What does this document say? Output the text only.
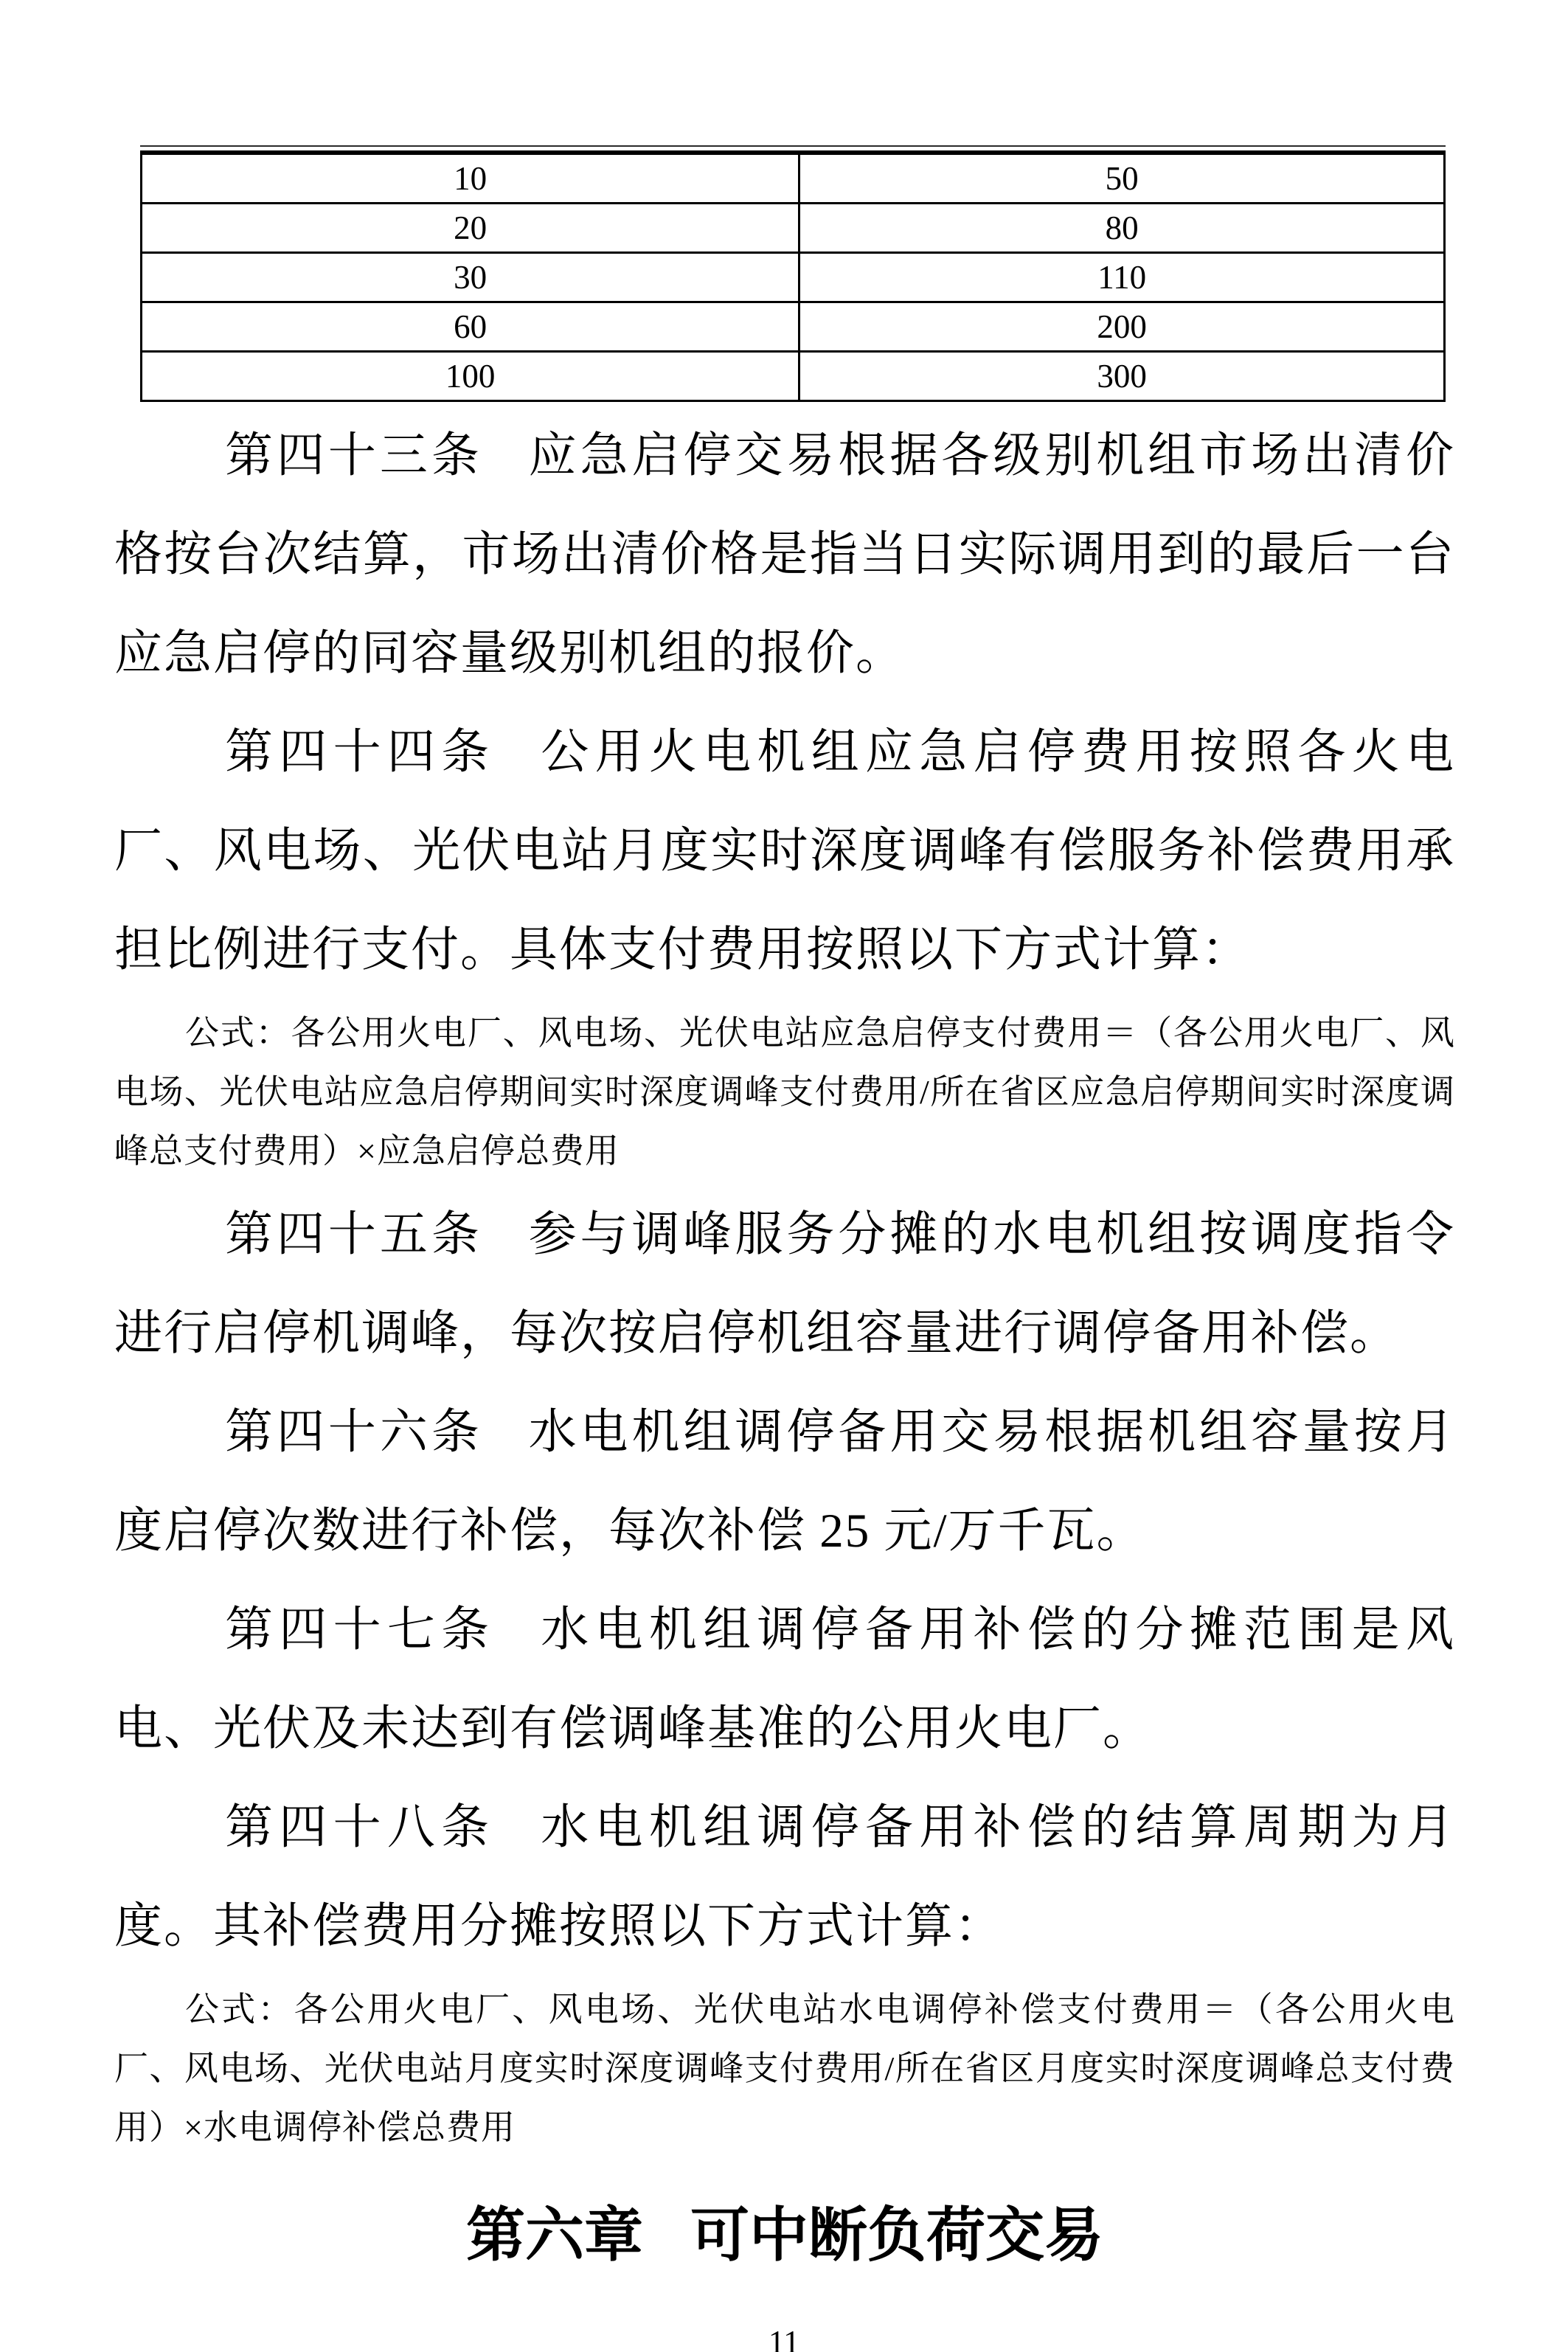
10	50
20	80
30	110
60	200
100	300

第四十三条 应急启停交易根据各级别机组市场出清价格按台次结算，市场出清价格是指当日实际调用到的最后一台应急启停的同容量级别机组的报价。

第四十四条 公用火电机组应急启停费用按照各火电厂、风电场、光伏电站月度实时深度调峰有偿服务补偿费用承担比例进行支付。具体支付费用按照以下方式计算：

公式：各公用火电厂、风电场、光伏电站应急启停支付费用＝（各公用火电厂、风电场、光伏电站应急启停期间实时深度调峰支付费用/所在省区应急启停期间实时深度调峰总支付费用）×应急启停总费用

第四十五条 参与调峰服务分摊的水电机组按调度指令进行启停机调峰，每次按启停机组容量进行调停备用补偿。

第四十六条 水电机组调停备用交易根据机组容量按月度启停次数进行补偿，每次补偿 25 元/万千瓦。

第四十七条 水电机组调停备用补偿的分摊范围是风电、光伏及未达到有偿调峰基准的公用火电厂。

第四十八条 水电机组调停备用补偿的结算周期为月度。其补偿费用分摊按照以下方式计算：

公式：各公用火电厂、风电场、光伏电站水电调停补偿支付费用＝（各公用火电厂、风电场、光伏电站月度实时深度调峰支付费用/所在省区月度实时深度调峰总支付费用）×水电调停补偿总费用

第六章 可中断负荷交易
11
